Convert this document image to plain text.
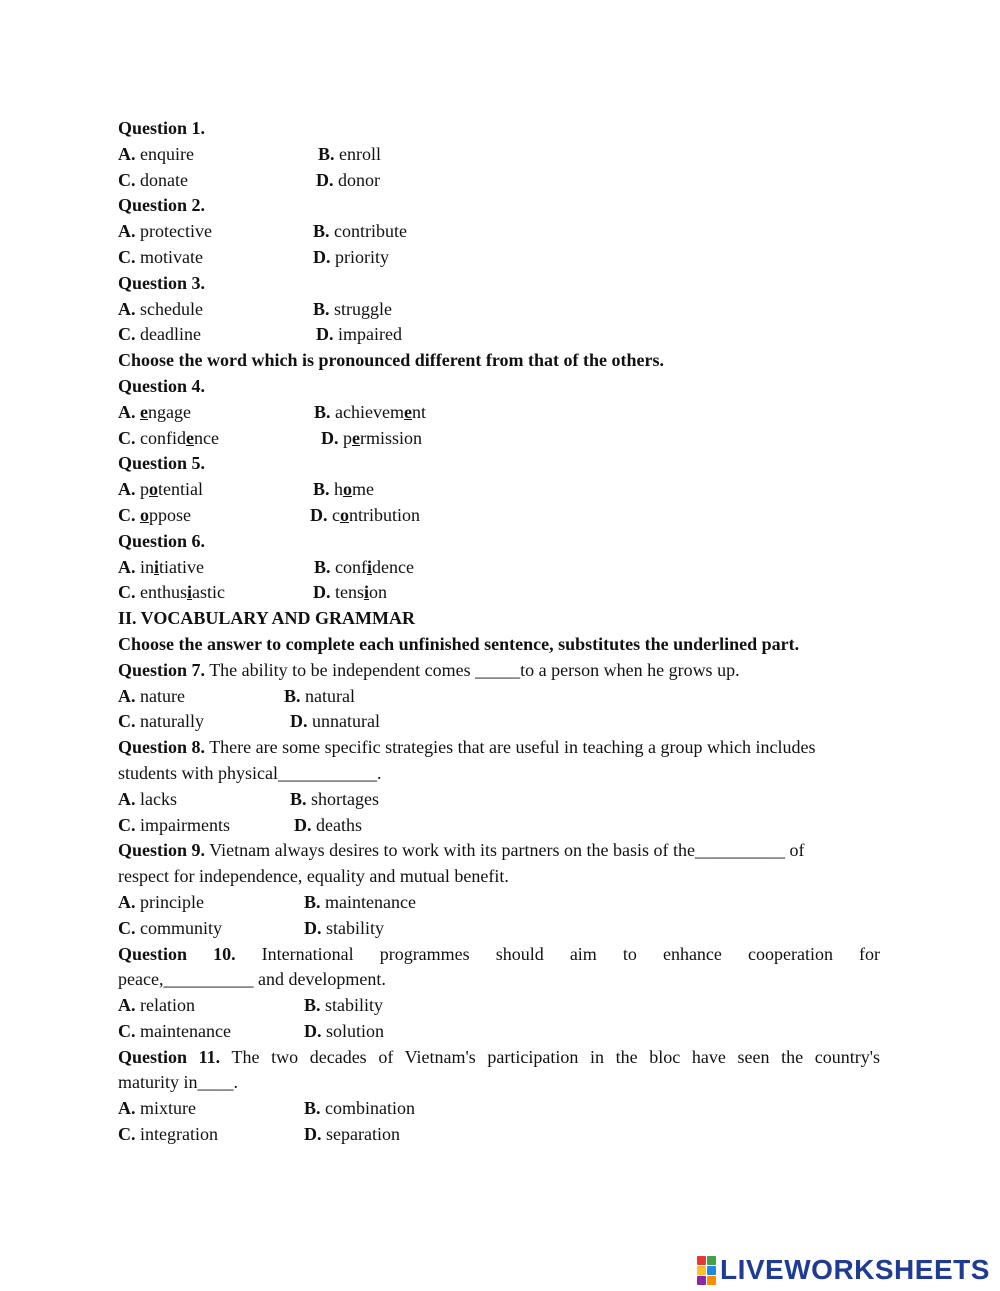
Question 1.
A. enquire	B. enroll
C. donate	D. donor
Question 2.
A. protective	B. contribute
C. motivate	D. priority
Question 3.
A. schedule	B. struggle
C. deadline	D. impaired
Choose the word which is pronounced different from that of the others.
Question 4.
A. engage	B. achievement
C. confidence	D. permission
Question 5.
A. potential	B. home
C. oppose	D. contribution
Question 6.
A. initiative	B. confidence
C. enthusiastic	D. tension
II. VOCABULARY AND GRAMMAR
Choose the answer to complete each unfinished sentence, substitutes the underlined part.
Question 7. The ability to be independent comes _____to a person when he grows up.
A. nature	B. natural
C. naturally	D. unnatural
Question 8. There are some specific strategies that are useful in teaching a group which includes
students with physical___________.
A. lacks	B. shortages
C. impairments	D. deaths
Question 9. Vietnam always desires to work with its partners on the basis of the__________ of
respect for independence, equality and mutual benefit.
A. principle	B. maintenance
C. community	D. stability
Question 10. International programmes should aim to enhance cooperation for
peace,__________ and development.
A. relation	B. stability
C. maintenance	D. solution
Question 11. The two decades of Vietnam's participation in the bloc have seen the country's
maturity in____.
A. mixture	B. combination
C. integration	D. separation
LIVEWORKSHEETS
